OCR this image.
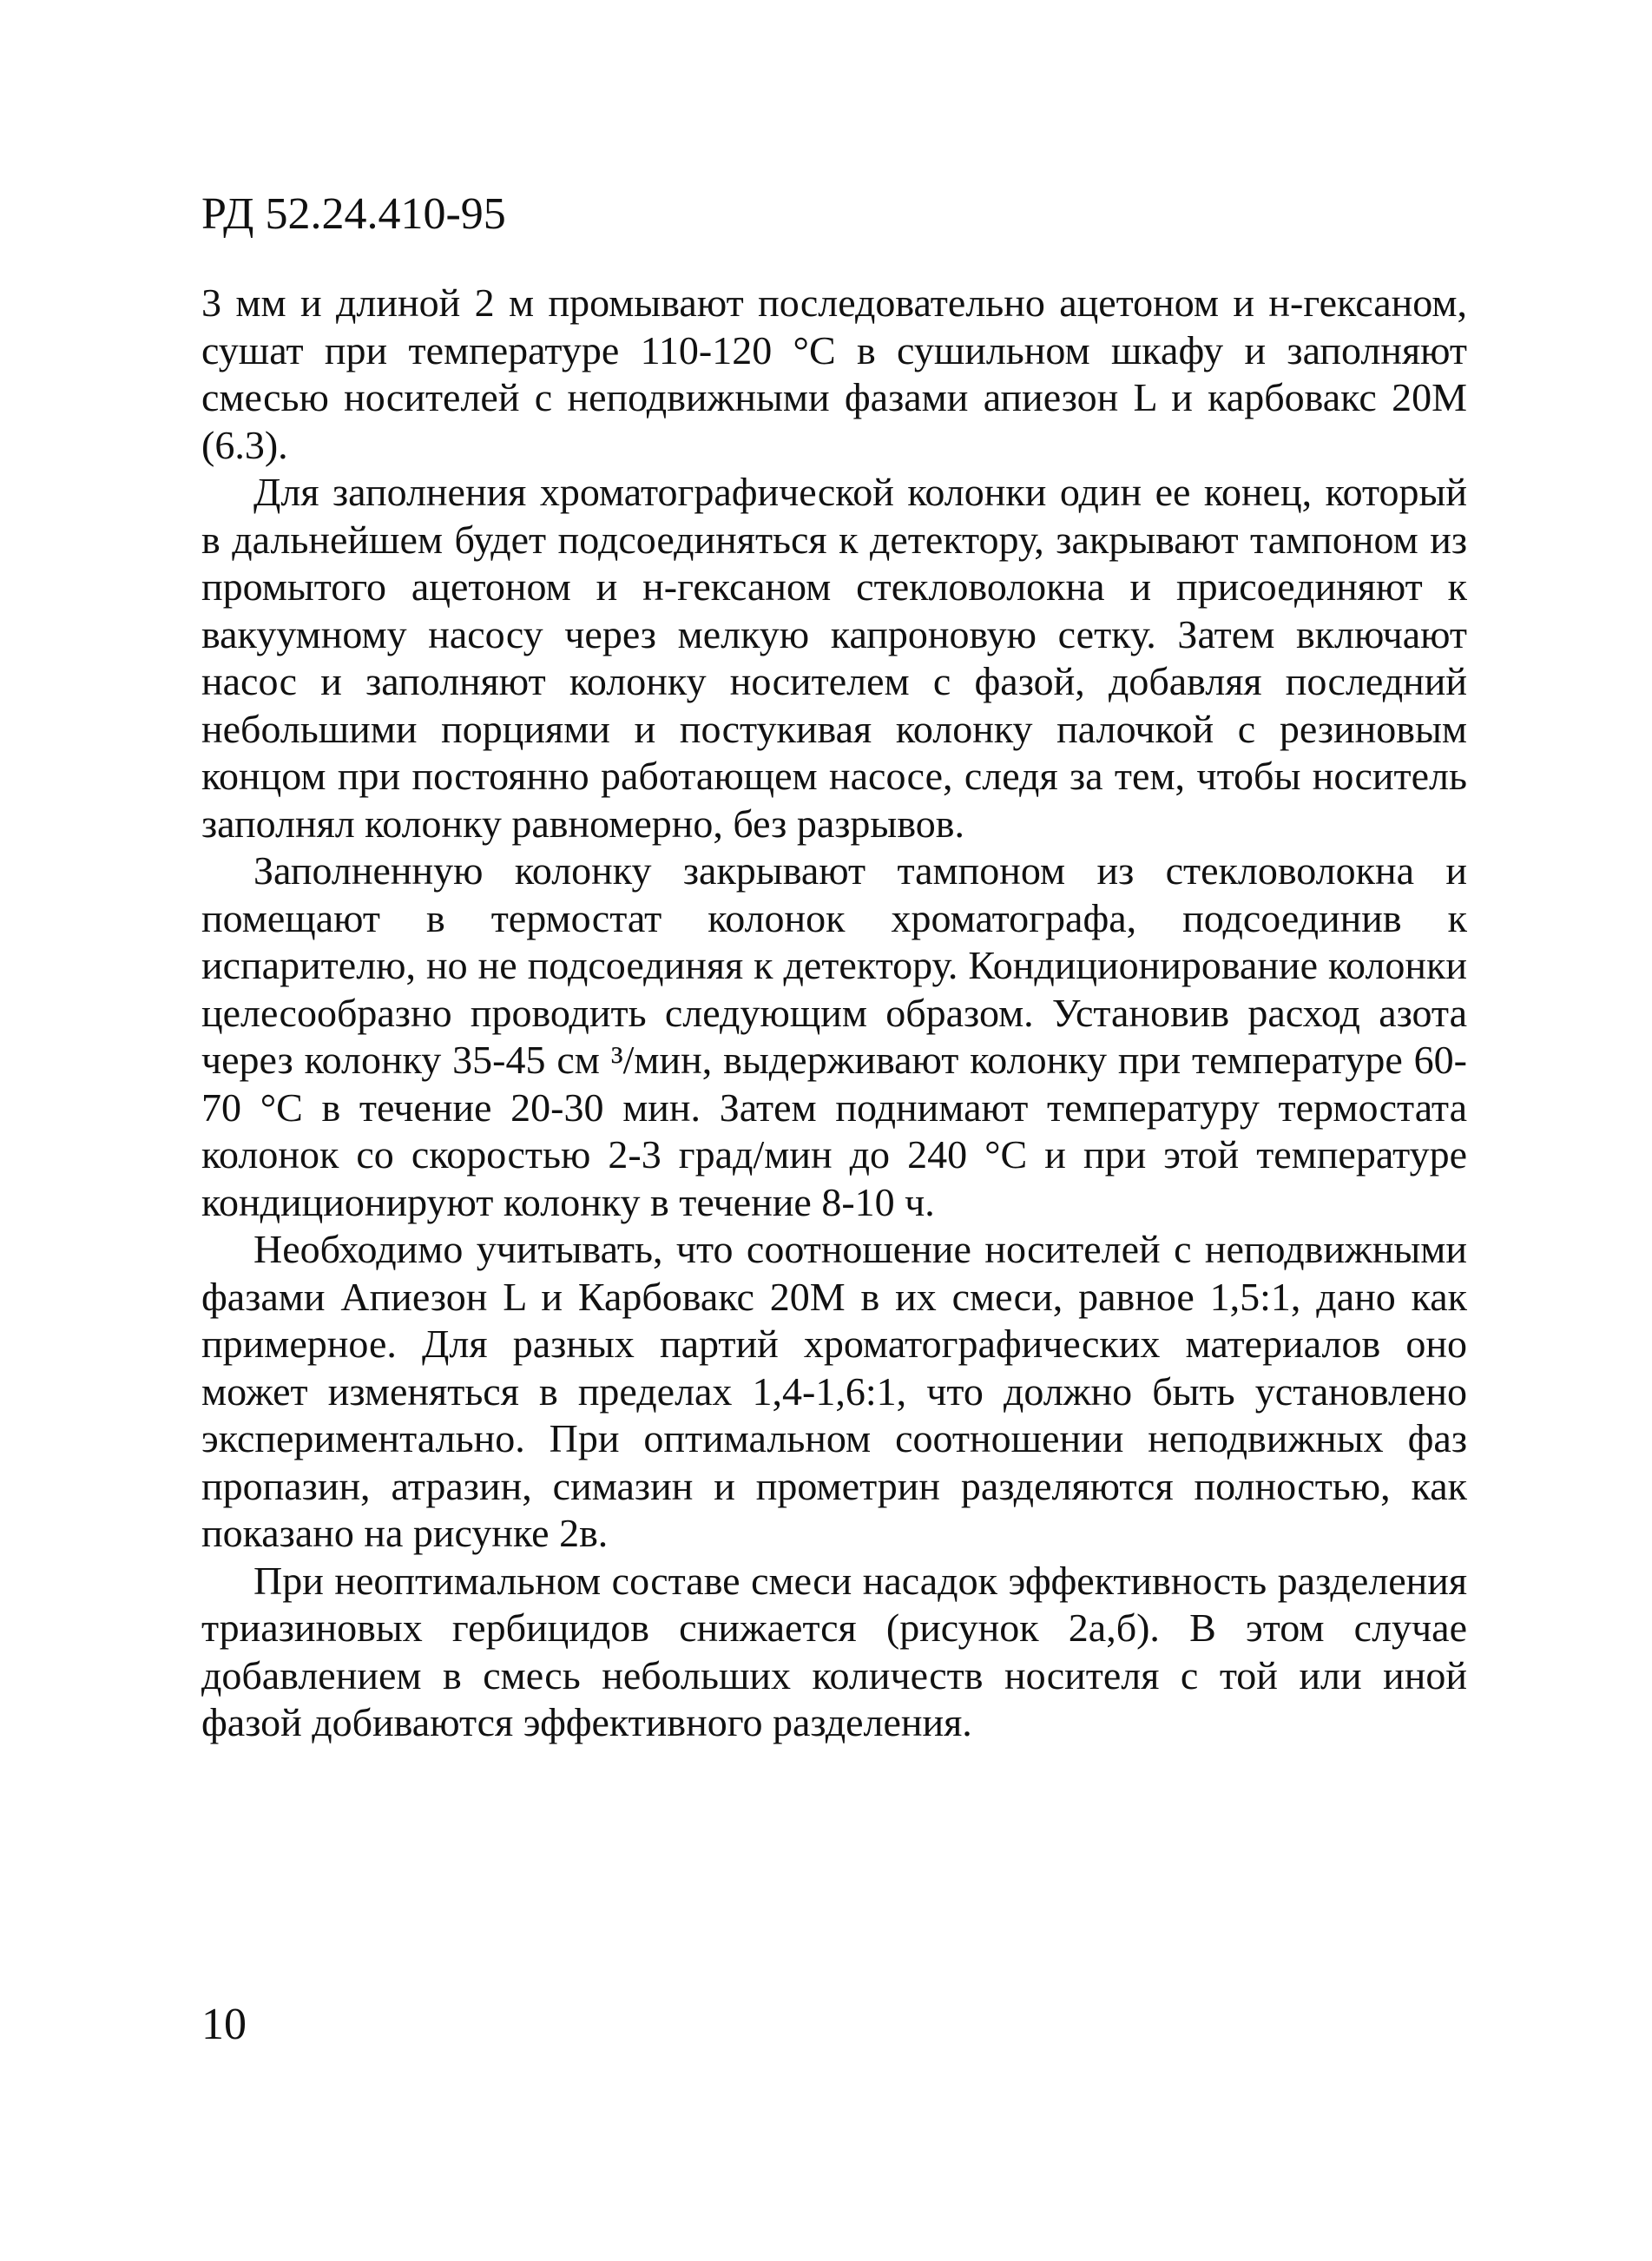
РД 52.24.410-95

3 мм и длиной 2 м промывают последовательно ацетоном и н-гексаном, сушат при температуре 110-120 °С в сушильном шкафу и заполняют смесью носителей с неподвижными фазами апиезон L и карбовакс 20М (6.3).

Для заполнения хроматографической колонки один ее конец, который в дальнейшем будет подсоединяться к детектору, закрывают тампоном из промытого ацетоном и н-гексаном стекловолокна и присоединяют к вакуумному насосу через мелкую капроновую сетку. Затем включают насос и заполняют колонку носителем с фазой, добавляя последний небольшими порциями и постукивая колонку палочкой с резиновым концом при постоянно работающем насосе, следя за тем, чтобы носитель заполнял колонку равномерно, без разрывов.

Заполненную колонку закрывают тампоном из стекловолокна и помещают в термостат колонок хроматографа, подсоединив к испарителю, но не подсоединяя к детектору. Кондиционирование колонки целесообразно проводить следующим образом. Установив расход азота через колонку 35-45 см ³/мин, выдерживают колонку при температуре 60-70 °С в течение 20-30 мин. Затем поднимают температуру термостата колонок со скоростью 2-3 град/мин до 240 °С и при этой температуре кондиционируют колонку в течение 8-10 ч.

Необходимо учитывать, что соотношение носителей с неподвижными фазами Апиезон L и Карбовакс 20М в их смеси, равное 1,5:1, дано как примерное. Для разных партий хроматографических материалов оно может изменяться в пределах 1,4-1,6:1, что должно быть установлено экспериментально. При оптимальном соотношении неподвижных фаз пропазин, атразин, симазин и прометрин разделяются полностью, как показано на рисунке 2в.

При неоптимальном составе смеси насадок эффективность разделения триазиновых гербицидов снижается (рисунок 2а,б). В этом случае добавлением в смесь небольших количеств носителя с той или иной фазой добиваются эффективного разделения.

10
